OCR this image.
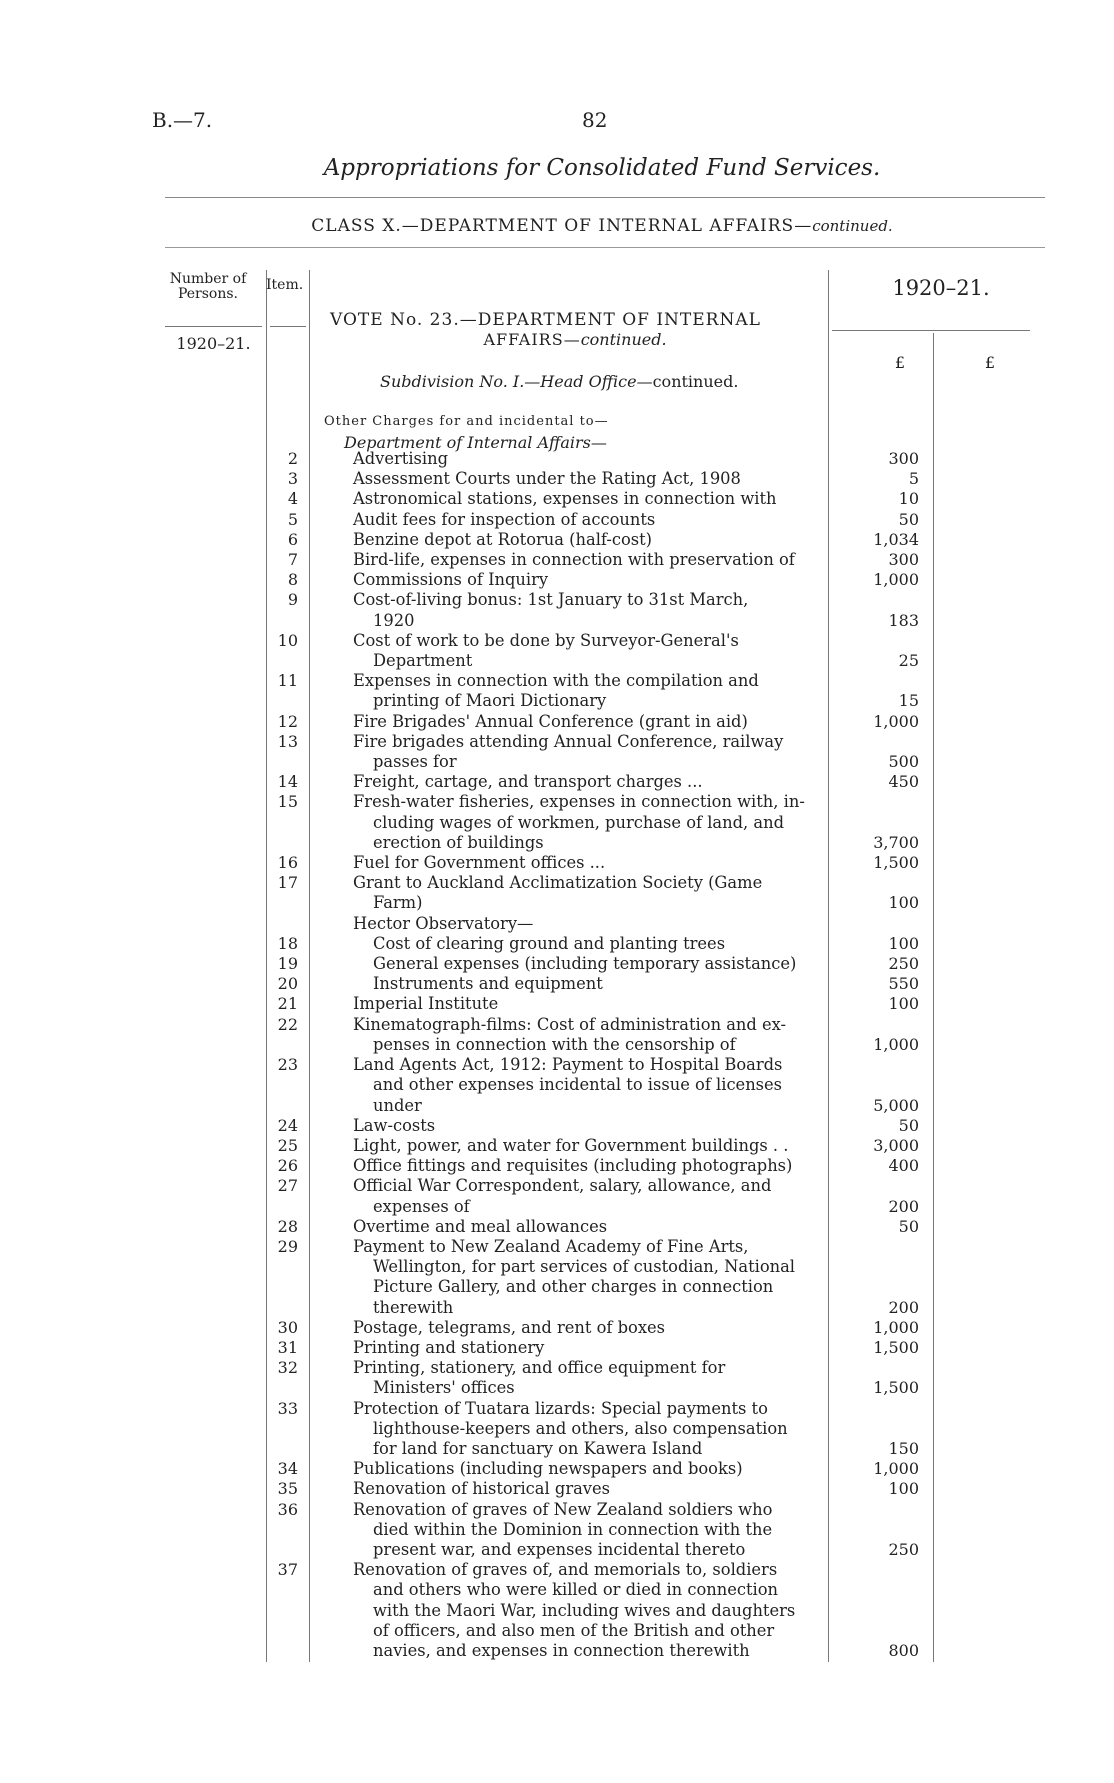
B.—7.	82
Appropriations for Consolidated Fund Services.
CLASS X.—DEPARTMENT OF INTERNAL AFFAIRS—continued.
Number of Persons.
Item.	1920–21.
1920–21.
£	£
VOTE No. 23.—DEPARTMENT OF INTERNAL
AFFAIRS—continued.
Subdivision No. I.—Head Office—continued.
Other Charges for and incidental to—
Department of Internal Affairs—
2	Advertising	300
3	Assessment Courts under the Rating Act, 1908	5
4	Astronomical stations, expenses in connection with	10
5	Audit fees for inspection of accounts	50
6	Benzine depot at Rotorua (half-cost)	1,034
7	Bird-life, expenses in connection with preservation of	300
8	Commissions of Inquiry	1,000
9	Cost-of-living bonus: 1st January to 31st March,
1920	183
10	Cost of work to be done by Surveyor-General's
Department	25
11	Expenses in connection with the compilation and
printing of Maori Dictionary	15
12	Fire Brigades' Annual Conference (grant in aid)	1,000
13	Fire brigades attending Annual Conference, railway
passes for	500
14	Freight, cartage, and transport charges ...	450
15	Fresh-water fisheries, expenses in connection with, in-
cluding wages of workmen, purchase of land, and
erection of buildings	3,700
16	Fuel for Government offices ...	1,500
17	Grant to Auckland Acclimatization Society (Game
Farm)	100
Hector Observatory—
18	Cost of clearing ground and planting trees	100
19	General expenses (including temporary assistance)	250
20	Instruments and equipment	550
21	Imperial Institute	100
22	Kinematograph-films: Cost of administration and ex-
penses in connection with the censorship of	1,000
23	Land Agents Act, 1912: Payment to Hospital Boards
and other expenses incidental to issue of licenses
under	5,000
24	Law-costs	50
25	Light, power, and water for Government buildings . .	3,000
26	Office fittings and requisites (including photographs)	400
27	Official War Correspondent, salary, allowance, and
expenses of	200
28	Overtime and meal allowances	50
29	Payment to New Zealand Academy of Fine Arts,
Wellington, for part services of custodian, National
Picture Gallery, and other charges in connection
therewith	200
30	Postage, telegrams, and rent of boxes	1,000
31	Printing and stationery	1,500
32	Printing, stationery, and office equipment for
Ministers' offices	1,500
33	Protection of Tuatara lizards: Special payments to
lighthouse-keepers and others, also compensation
for land for sanctuary on Kawera Island	150
34	Publications (including newspapers and books)	1,000
35	Renovation of historical graves	100
36	Renovation of graves of New Zealand soldiers who
died within the Dominion in connection with the
present war, and expenses incidental thereto	250
37	Renovation of graves of, and memorials to, soldiers
and others who were killed or died in connection
with the Maori War, including wives and daughters
of officers, and also men of the British and other
navies, and expenses in connection therewith	800
